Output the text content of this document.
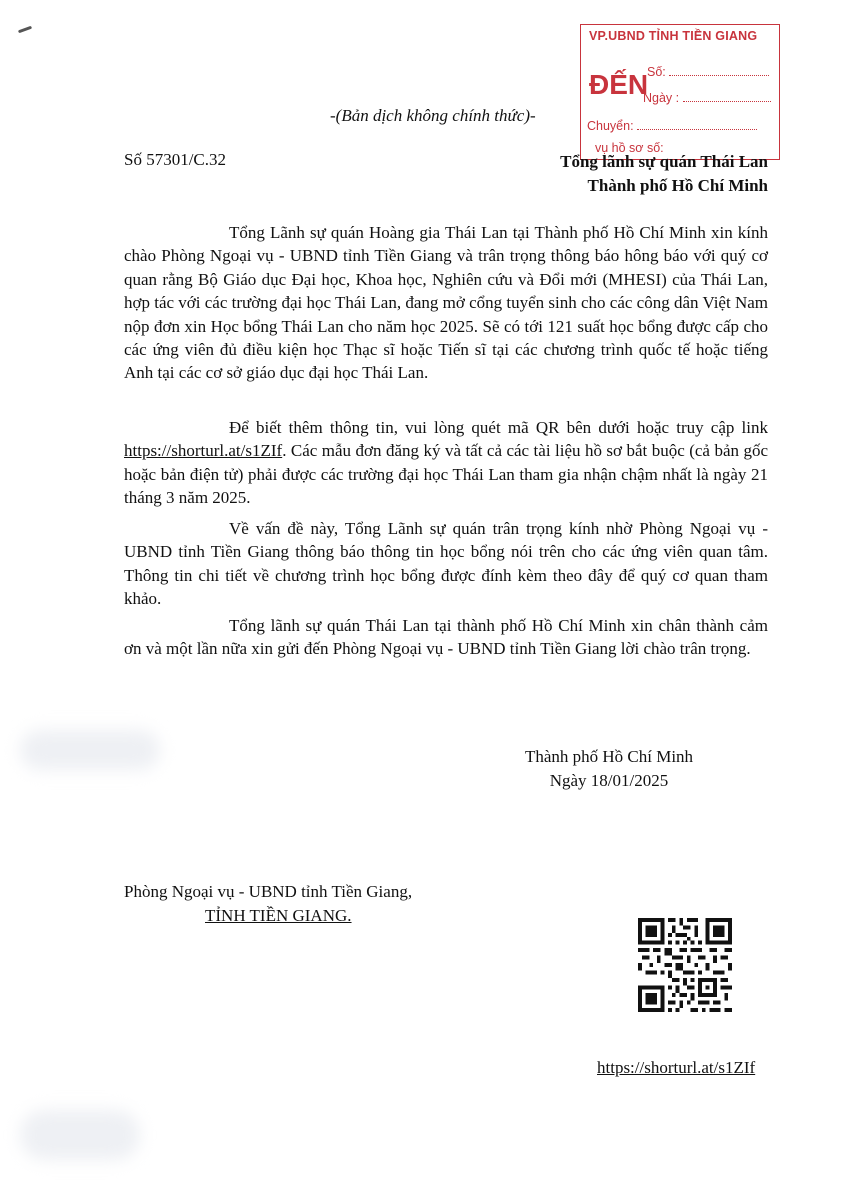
VP.UBND TỈNH TIỀN GIANG
ĐẾN
Số:
Ngày :
Chuyển:
vụ hồ sơ số:
-(Bản dịch không chính thức)-
Số 57301/C.32	Tổng lãnh sự quán Thái Lan
Thành phố Hồ Chí Minh
Tổng Lãnh sự quán Hoàng gia Thái Lan tại Thành phố Hồ Chí Minh xin kính chào Phòng Ngoại vụ - UBND tỉnh Tiền Giang và trân trọng thông báo hông báo với quý cơ quan rằng Bộ Giáo dục Đại học, Khoa học, Nghiên cứu và Đổi mới (MHESI) của Thái Lan, hợp tác với các trường đại học Thái Lan, đang mở cổng tuyển sinh cho các công dân Việt Nam nộp đơn xin Học bổng Thái Lan cho năm học 2025. Sẽ có tới 121 suất học bổng được cấp cho các ứng viên đủ điều kiện học Thạc sĩ hoặc Tiến sĩ tại các chương trình quốc tế hoặc tiếng Anh tại các cơ sở giáo dục đại học Thái Lan.
Để biết thêm thông tin, vui lòng quét mã QR bên dưới hoặc truy cập link https://shorturl.at/s1ZIf. Các mẫu đơn đăng ký và tất cả các tài liệu hồ sơ bắt buộc (cả bản gốc hoặc bản điện tử) phải được các trường đại học Thái Lan tham gia nhận chậm nhất là ngày 21 tháng 3 năm 2025.
Về vấn đề này, Tổng Lãnh sự quán trân trọng kính nhờ Phòng Ngoại vụ - UBND tỉnh Tiền Giang thông báo thông tin học bổng nói trên cho các ứng viên quan tâm. Thông tin chi tiết về chương trình học bổng được đính kèm theo đây để quý cơ quan tham khảo.
Tổng lãnh sự quán Thái Lan tại thành phố Hồ Chí Minh xin chân thành cảm ơn và một lần nữa xin gửi đến Phòng Ngoại vụ - UBND tỉnh Tiền Giang lời chào trân trọng.
Thành phố Hồ Chí Minh
Ngày 18/01/2025
Phòng Ngoại vụ - UBND tỉnh Tiền Giang,
TỈNH TIỀN GIANG.
https://shorturl.at/s1ZIf
